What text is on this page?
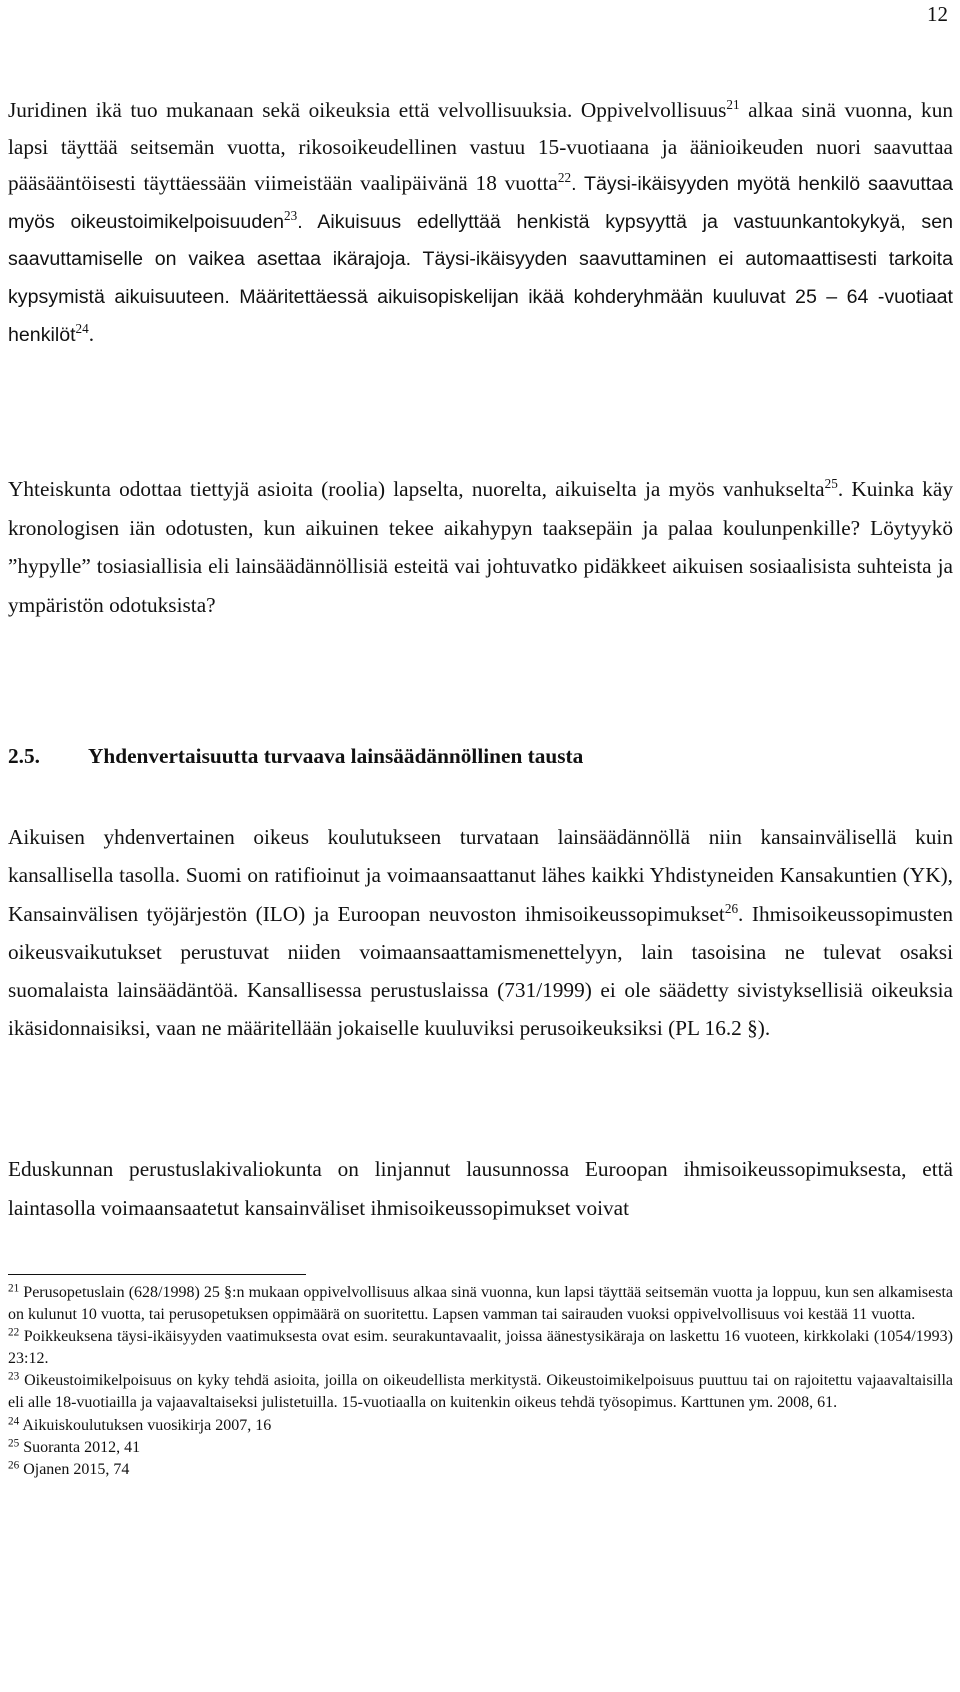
12

Juridinen ikä tuo mukanaan sekä oikeuksia että velvollisuuksia. Oppivelvollisuus$^{21}$ alkaa sinä vuonna, kun lapsi täyttää seitsemän vuotta, rikosoikeudellinen vastuu 15-vuotiaana ja äänioikeuden nuori saavuttaa pääsääntöisesti täyttäessään viimeistään vaalipäivänä 18 vuotta$^{22}$. Täysi-ikäisyyden myötä henkilö saavuttaa myös oikeustoimikelpoisuuden$^{23}$. Aikuisuus edellyttää henkistä kypsyyttä ja vastuunkantokykyä, sen saavuttamiselle on vaikea asettaa ikärajoja. Täysi-ikäisyyden saavuttaminen ei automaattisesti tarkoita kypsymistä aikuisuuteen. Määritettäessä aikuisopiskelijan ikää kohderyhmään kuuluvat 25 – 64 -vuotiaat henkilöt$^{24}$.

Yhteiskunta odottaa tiettyjä asioita (roolia) lapselta, nuorelta, aikuiselta ja myös vanhukselta$^{25}$. Kuinka käy kronologisen iän odotusten, kun aikuinen tekee aikahypyn taaksepäin ja palaa koulunpenkille? Löytyykö ”hypylle” tosiasiallisia eli lainsäädännöllisiä esteitä vai johtuvatko pidäkkeet aikuisen sosiaalisista suhteista ja ympäristön odotuksista?

2.5. Yhdenvertaisuutta turvaava lainsäädännöllinen tausta

Aikuisen yhdenvertainen oikeus koulutukseen turvataan lainsäädännöllä niin kansainvälisellä kuin kansallisella tasolla. Suomi on ratifioinut ja voimaansaattanut lähes kaikki Yhdistyneiden Kansakuntien (YK), Kansainvälisen työjärjestön (ILO) ja Euroopan neuvoston ihmisoikeussopimukset$^{26}$. Ihmisoikeussopimusten oikeusvaikutukset perustuvat niiden voimaansaattamismenettelyyn, lain tasoisina ne tulevat osaksi suomalaista lainsäädäntöä. Kansallisessa perustuslaissa (731/1999) ei ole säädetty sivistyksellisiä oikeuksia ikäsidonnaisiksi, vaan ne määritellään jokaiselle kuuluviksi perusoikeuksiksi (PL 16.2 §).

Eduskunnan perustuslakivaliokunta on linjannut lausunnossa Euroopan ihmisoikeussopimuksesta, että laintasolla voimaansaatetut kansainväliset ihmisoikeussopimukset voivat

$^{21}$ Perusopetuslain (628/1998) 25 §:n mukaan oppivelvollisuus alkaa sinä vuonna, kun lapsi täyttää seitsemän vuotta ja loppuu, kun sen alkamisesta on kulunut 10 vuotta, tai perusopetuksen oppimäärä on suoritettu. Lapsen vamman tai sairauden vuoksi oppivelvollisuus voi kestää 11 vuotta.

$^{22}$ Poikkeuksena täysi-ikäisyyden vaatimuksesta ovat esim. seurakuntavaalit, joissa äänestysikäraja on laskettu 16 vuoteen, kirkkolaki (1054/1993) 23:12.

$^{23}$ Oikeustoimikelpoisuus on kyky tehdä asioita, joilla on oikeudellista merkitystä. Oikeustoimikelpoisuus puuttuu tai on rajoitettu vajaavaltaisilla eli alle 18-vuotiailla ja vajaavaltaiseksi julistetuilla. 15-vuotiaalla on kuitenkin oikeus tehdä työsopimus. Karttunen ym. 2008, 61.

$^{24}$ Aikuiskoulutuksen vuosikirja 2007, 16

$^{25}$ Suoranta 2012, 41

$^{26}$ Ojanen 2015, 74
